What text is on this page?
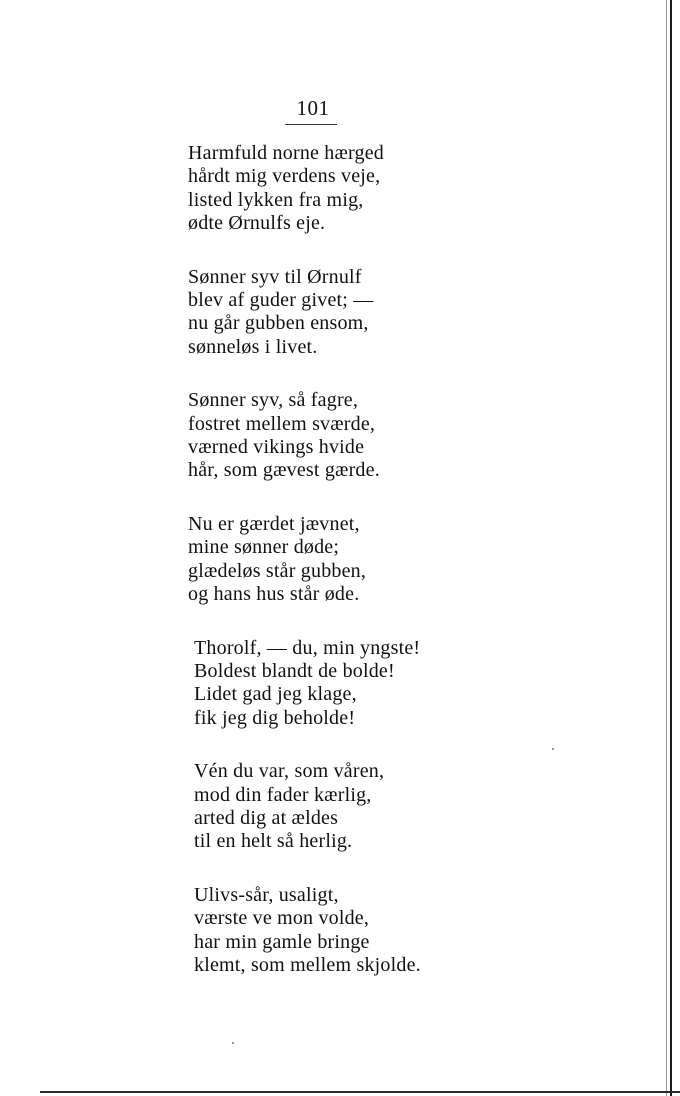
101
Harmfuld norne hærged
hårdt mig verdens veje,
listed lykken fra mig,
ødte Ørnulfs eje.
Sønner syv til Ørnulf
blev af guder givet; —
nu går gubben ensom,
sønneløs i livet.
Sønner syv, så fagre,
fostret mellem sværde,
værned vikings hvide
hår, som gævest gærde.
Nu er gærdet jævnet,
mine sønner døde;
glædeløs står gubben,
og hans hus står øde.
Thorolf, — du, min yngste!
Boldest blandt de bolde!
Lidet gad jeg klage,
fik jeg dig beholde!
Vén du var, som våren,
mod din fader kærlig,
arted dig at ældes
til en helt så herlig.
Ulivs-sår, usaligt,
værste ve mon volde,
har min gamle bringe
klemt, som mellem skjolde.
